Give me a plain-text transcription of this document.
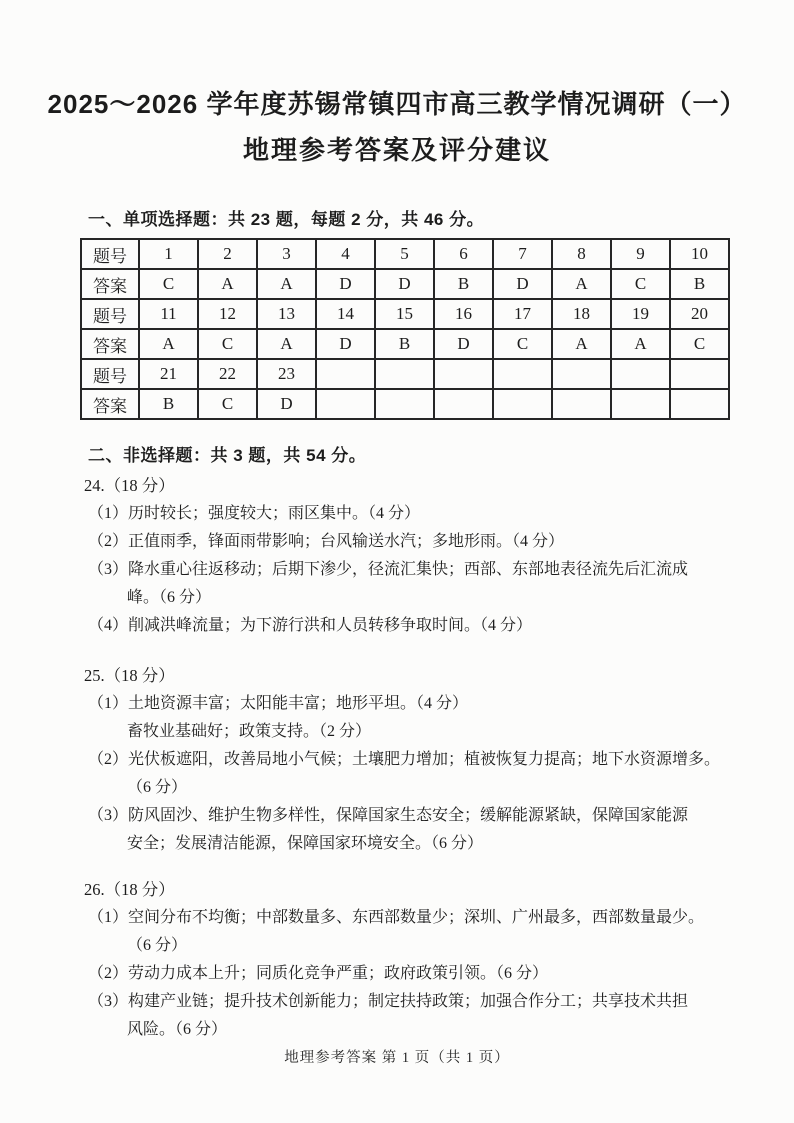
2025～2026 学年度苏锡常镇四市高三教学情况调研（一）
地理参考答案及评分建议
一、单项选择题：共 23 题，每题 2 分，共 46 分。
题号	1	2	3	4	5	6	7	8	9	10
答案	C	A	A	D	D	B	D	A	C	B
题号	11	12	13	14	15	16	17	18	19	20
答案	A	C	A	D	B	D	C	A	A	C
题号	21	22	23							
答案	B	C	D							
二、非选择题：共 3 题，共 54 分。
24.（18 分）
（1）历时较长；强度较大；雨区集中。（4 分）
（2）正值雨季，锋面雨带影响；台风输送水汽；多地形雨。（4 分）
（3）降水重心往返移动；后期下渗少，径流汇集快；西部、东部地表径流先后汇流成
峰。（6 分）
（4）削减洪峰流量；为下游行洪和人员转移争取时间。（4 分）
25.（18 分）
（1）土地资源丰富；太阳能丰富；地形平坦。（4 分）
畜牧业基础好；政策支持。（2 分）
（2）光伏板遮阳，改善局地小气候；土壤肥力增加；植被恢复力提高；地下水资源增多。
（6 分）
（3）防风固沙、维护生物多样性，保障国家生态安全；缓解能源紧缺，保障国家能源
安全；发展清洁能源，保障国家环境安全。（6 分）
26.（18 分）
（1）空间分布不均衡；中部数量多、东西部数量少；深圳、广州最多，西部数量最少。
（6 分）
（2）劳动力成本上升；同质化竞争严重；政府政策引领。（6 分）
（3）构建产业链；提升技术创新能力；制定扶持政策；加强合作分工；共享技术共担
风险。（6 分）
地理参考答案 第 1 页（共 1 页）
